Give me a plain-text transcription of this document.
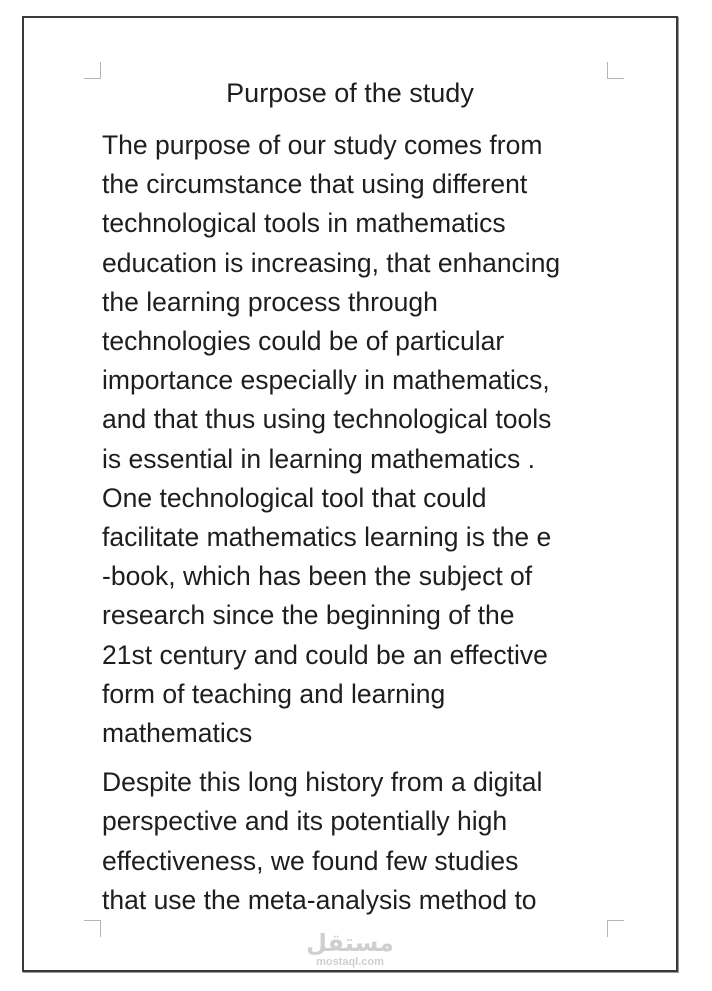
Purpose of the study

The purpose of our study comes from
the circumstance that using different
technological tools in mathematics
education is increasing, that enhancing
the learning process through
technologies could be of particular
importance especially in mathematics,
and that thus using technological tools
is essential in learning mathematics .
One technological tool that could
facilitate mathematics learning is the e
-book, which has been the subject of
research since the beginning of the
21st century and could be an effective
form of teaching and learning
mathematics

Despite this long history from a digital
perspective and its potentially high
effectiveness, we found few studies
that use the meta-analysis method to

مستقل
mostaql.com
